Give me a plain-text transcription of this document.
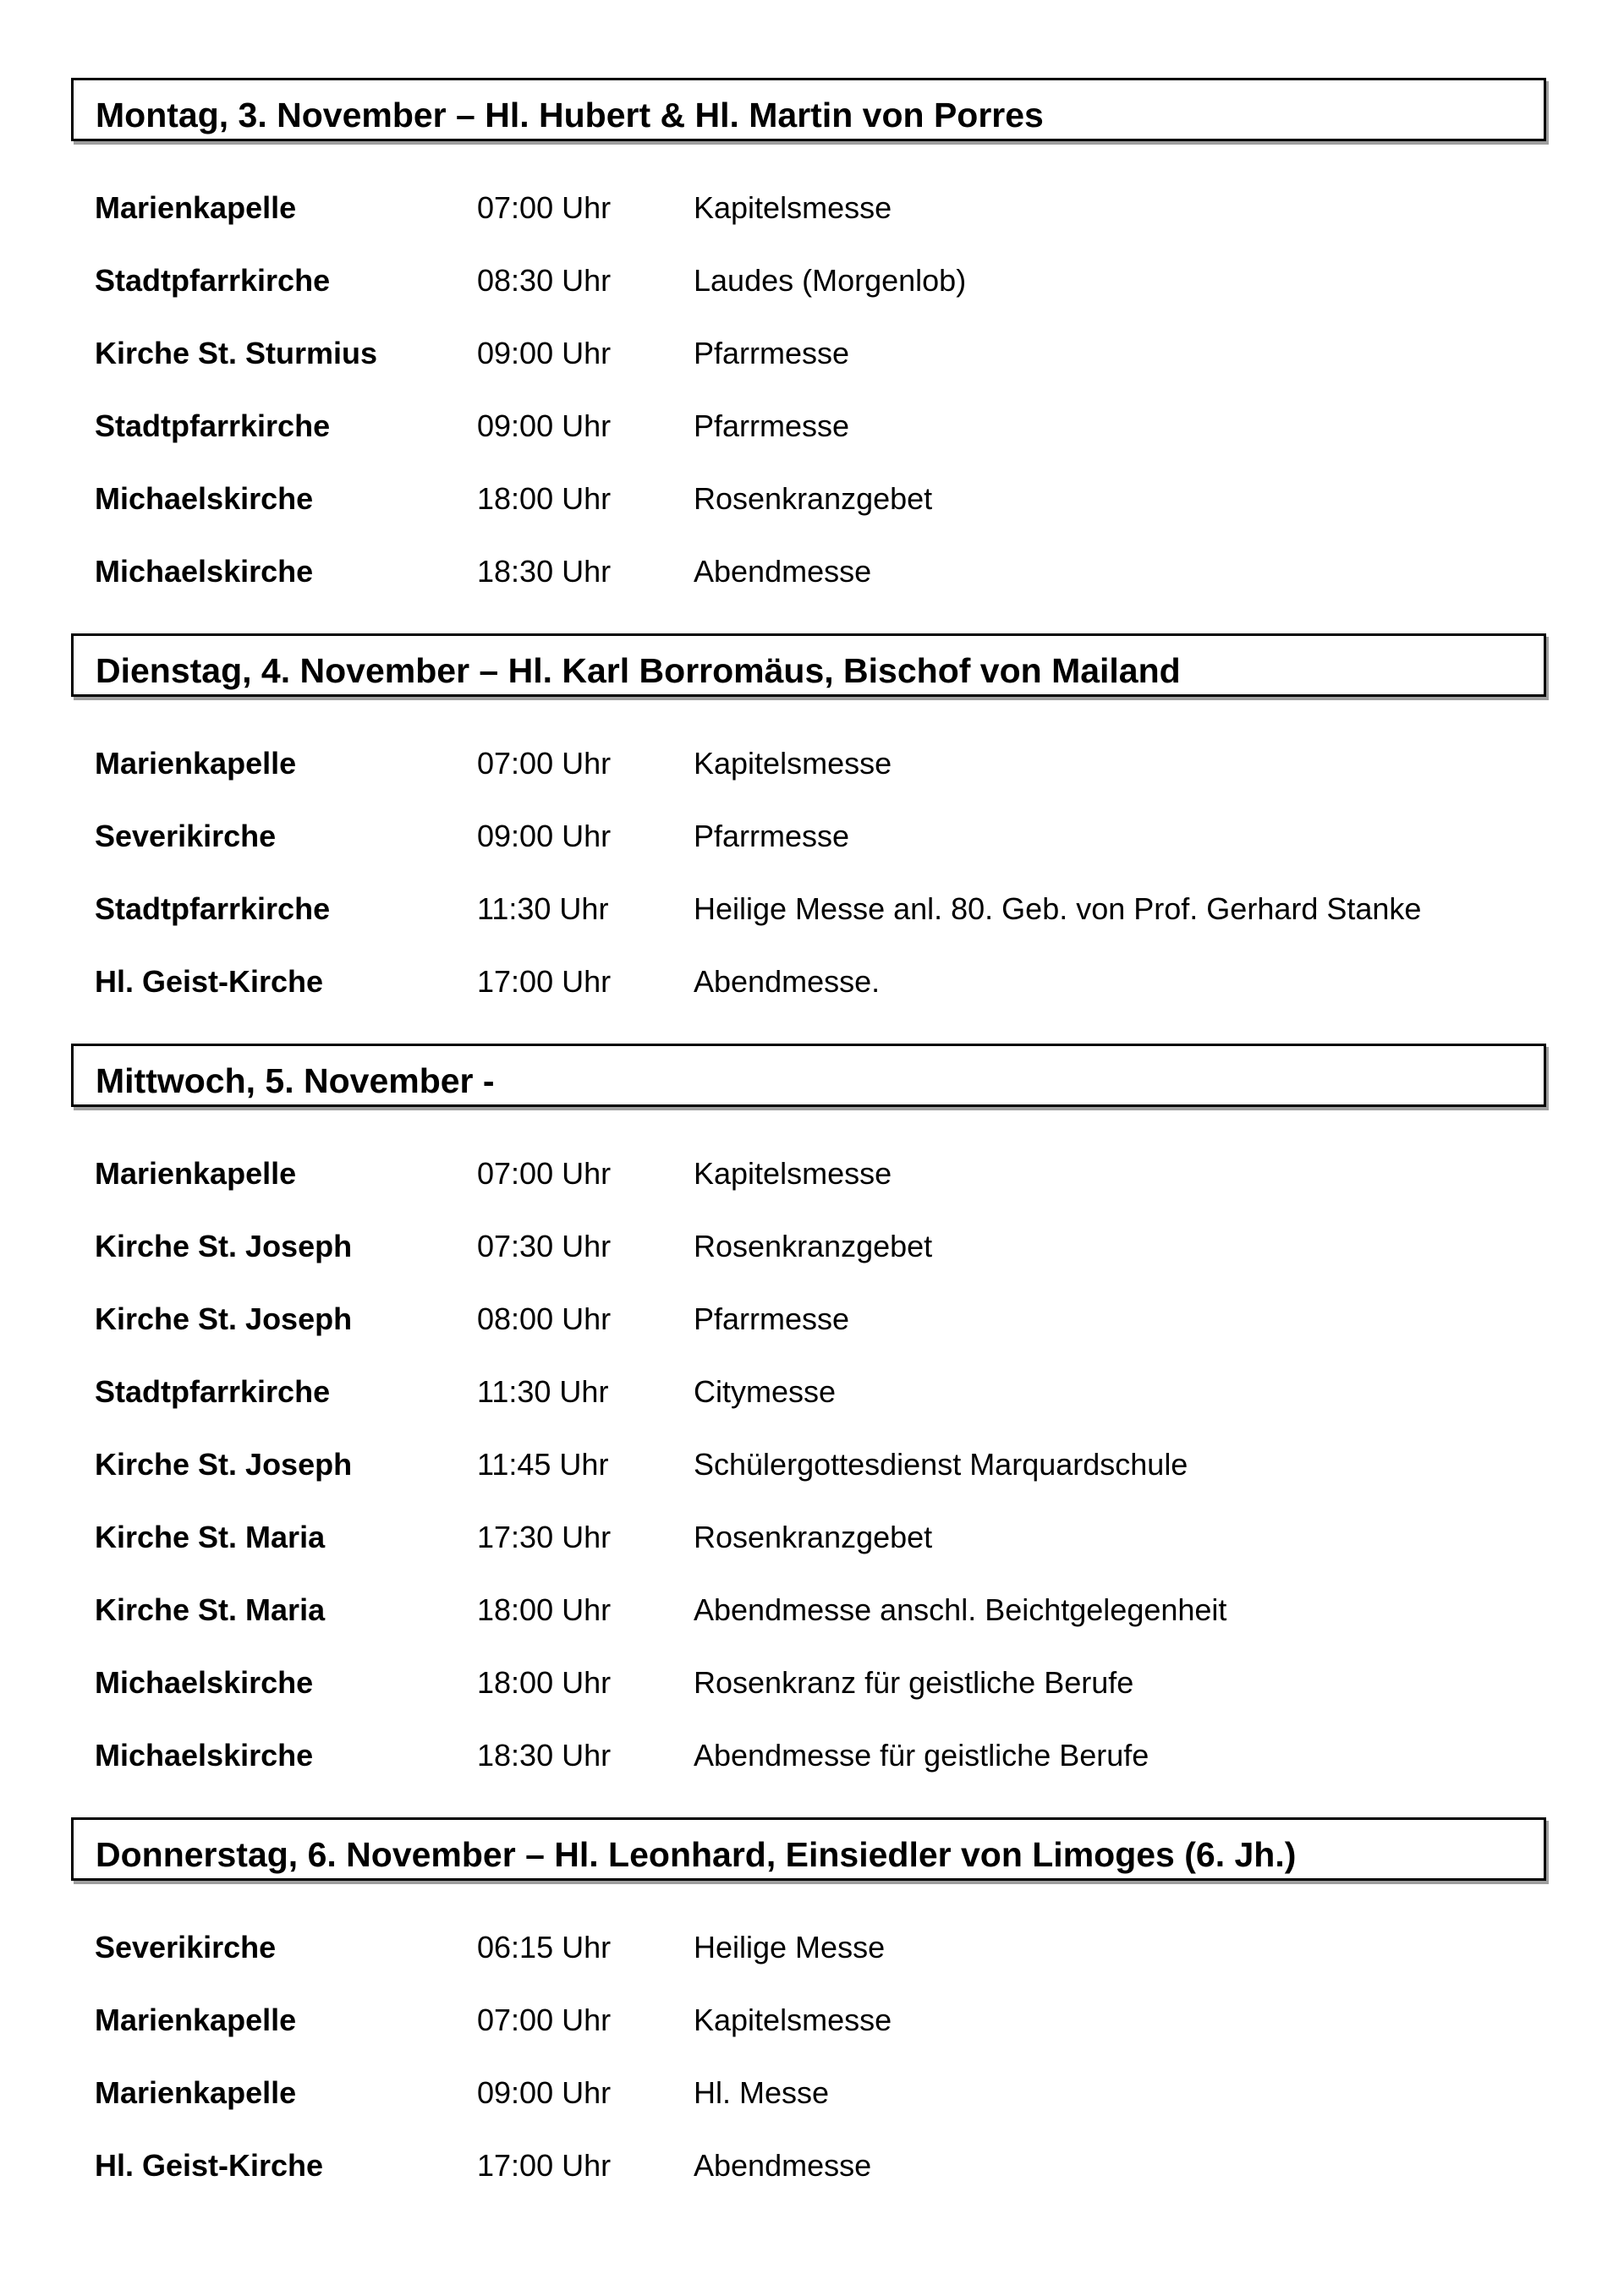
Montag, 3. November – Hl. Hubert & Hl. Martin von Porres
Marienkapelle	07:00 Uhr	Kapitelsmesse
Stadtpfarrkirche	08:30 Uhr	Laudes (Morgenlob)
Kirche St. Sturmius	09:00 Uhr	Pfarrmesse
Stadtpfarrkirche	09:00 Uhr	Pfarrmesse
Michaelskirche	18:00 Uhr	Rosenkranzgebet
Michaelskirche	18:30 Uhr	Abendmesse
Dienstag, 4. November – Hl. Karl Borromäus, Bischof von Mailand
Marienkapelle	07:00 Uhr	Kapitelsmesse
Severikirche	09:00 Uhr	Pfarrmesse
Stadtpfarrkirche	11:30 Uhr	Heilige Messe anl. 80. Geb. von Prof. Gerhard Stanke
Hl. Geist-Kirche	17:00 Uhr	Abendmesse.
Mittwoch, 5. November -
Marienkapelle	07:00 Uhr	Kapitelsmesse
Kirche St. Joseph	07:30 Uhr	Rosenkranzgebet
Kirche St. Joseph	08:00 Uhr	Pfarrmesse
Stadtpfarrkirche	11:30 Uhr	Citymesse
Kirche St. Joseph	11:45 Uhr	Schülergottesdienst Marquardschule
Kirche St. Maria	17:30 Uhr	Rosenkranzgebet
Kirche St. Maria	18:00 Uhr	Abendmesse anschl. Beichtgelegenheit
Michaelskirche	18:00 Uhr	Rosenkranz für geistliche Berufe
Michaelskirche	18:30 Uhr	Abendmesse für geistliche Berufe
Donnerstag, 6. November – Hl. Leonhard, Einsiedler von Limoges (6. Jh.)
Severikirche	06:15 Uhr	Heilige Messe
Marienkapelle	07:00 Uhr	Kapitelsmesse
Marienkapelle	09:00 Uhr	Hl. Messe
Hl. Geist-Kirche	17:00 Uhr	Abendmesse
